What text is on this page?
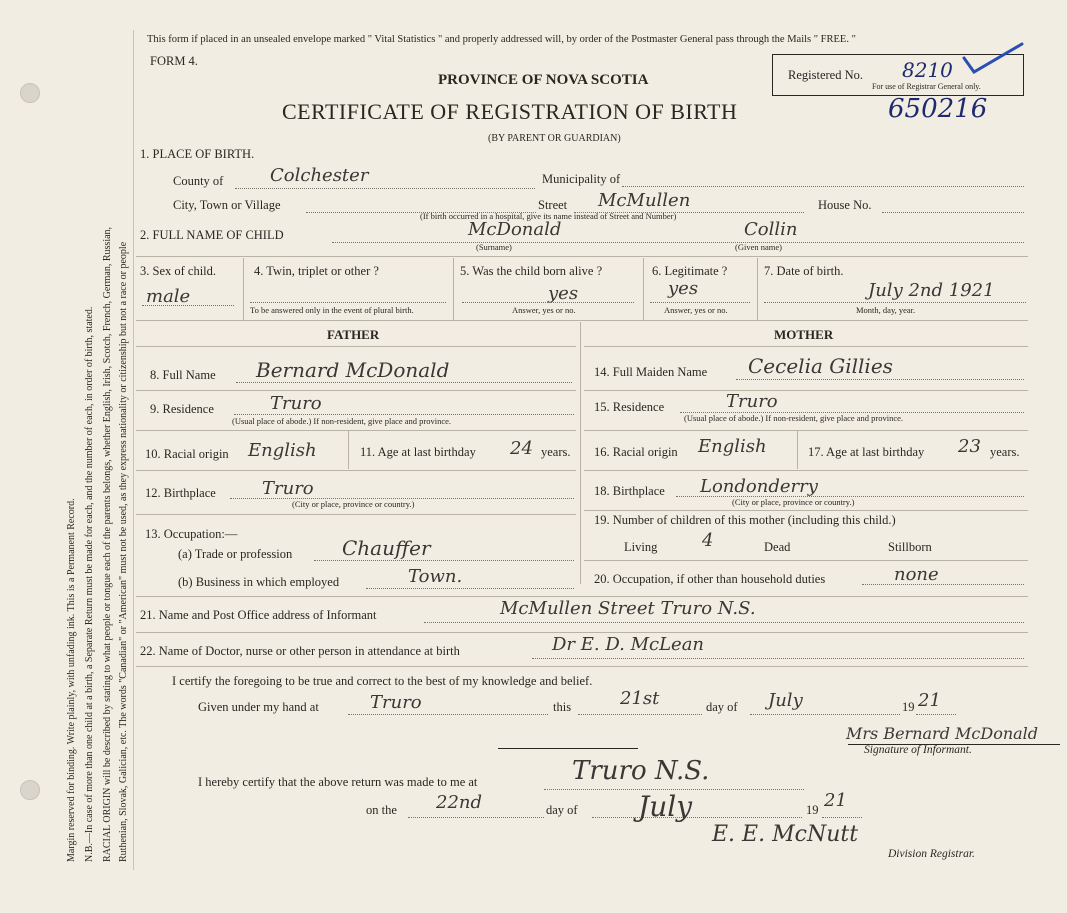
Margin reserved for binding. Write plainly, with unfading ink. This is a Permanent Record. N.B.—In case of more than one child at a birth, a Separate Return must be made for each, and the number of each, in order of birth, stated. RACIAL ORIGIN will be described by stating to what people or tongue each of the parents belongs, whether English, Irish, Scotch, French, German, Russian, Ruthenian, Slovak, Galician, etc. The words "Canadian" or "American" must not be used, as they express nationality or citizenship but not a race or people
This form if placed in an unsealed envelope marked " Vital Statistics " and properly addressed will, by order of the Postmaster General pass through the Mails " FREE. "
FORM 4.
PROVINCE OF NOVA SCOTIA
CERTIFICATE OF REGISTRATION OF BIRTH	650216
(BY PARENT OR GUARDIAN)
Registered No. 8210
For use of Registrar General only.
1. PLACE OF BIRTH.
County of	Colchester	Municipality of
City, Town or Village	Street McMullen	House No.
(If birth occurred in a hospital, give its name instead of Street and Number)
2. FULL NAME OF CHILD	McDonald
(Surname)
Collin
(Given name)
3. Sex of child.
male
4. Twin, triplet or other ?
To be answered only in the event of plural birth.
5. Was the child born alive ?
yes
Answer, yes or no.
6. Legitimate ?
yes
Answer, yes or no.
7. Date of birth.
July 2nd 1921
Month, day, year.
FATHER	MOTHER
8. Full Name Bernard McDonald
9. Residence	Truro
(Usual place of abode.) If non-resident, give place and province.
10. Racial origin English	11. Age at last birthday 24 years.
12. Birthplace	Truro
(City or place, province or country.)
13. Occupation:—
(a) Trade or profession Chauffer
(b) Business in which employed	Town.
14. Full Maiden Name Cecelia Gillies
15. Residence	Truro
(Usual place of abode.) If non-resident, give place and province.
16. Racial origin English	17. Age at last birthday 23 years.
18. Birthplace Londonderry
(City or place, province or country.)
19. Number of children of this mother (including this child.)
Living 4	Dead	Stillborn
20. Occupation, if other than household duties	none
21. Name and Post Office address of Informant	McMullen Street Truro N.S.
22. Name of Doctor, nurse or other person in attendance at birth	Dr E. D. McLean
I certify the foregoing to be true and correct to the best of my knowledge and belief.
Given under my hand at	Truro	this	21st	day of July	19 21
Mrs Bernard McDonald
Signature of Informant.
I hereby certify that the above return was made to me at	Truro N.S.
on the 22nd	day of July	19 21
E. E. McNutt
Division Registrar.
